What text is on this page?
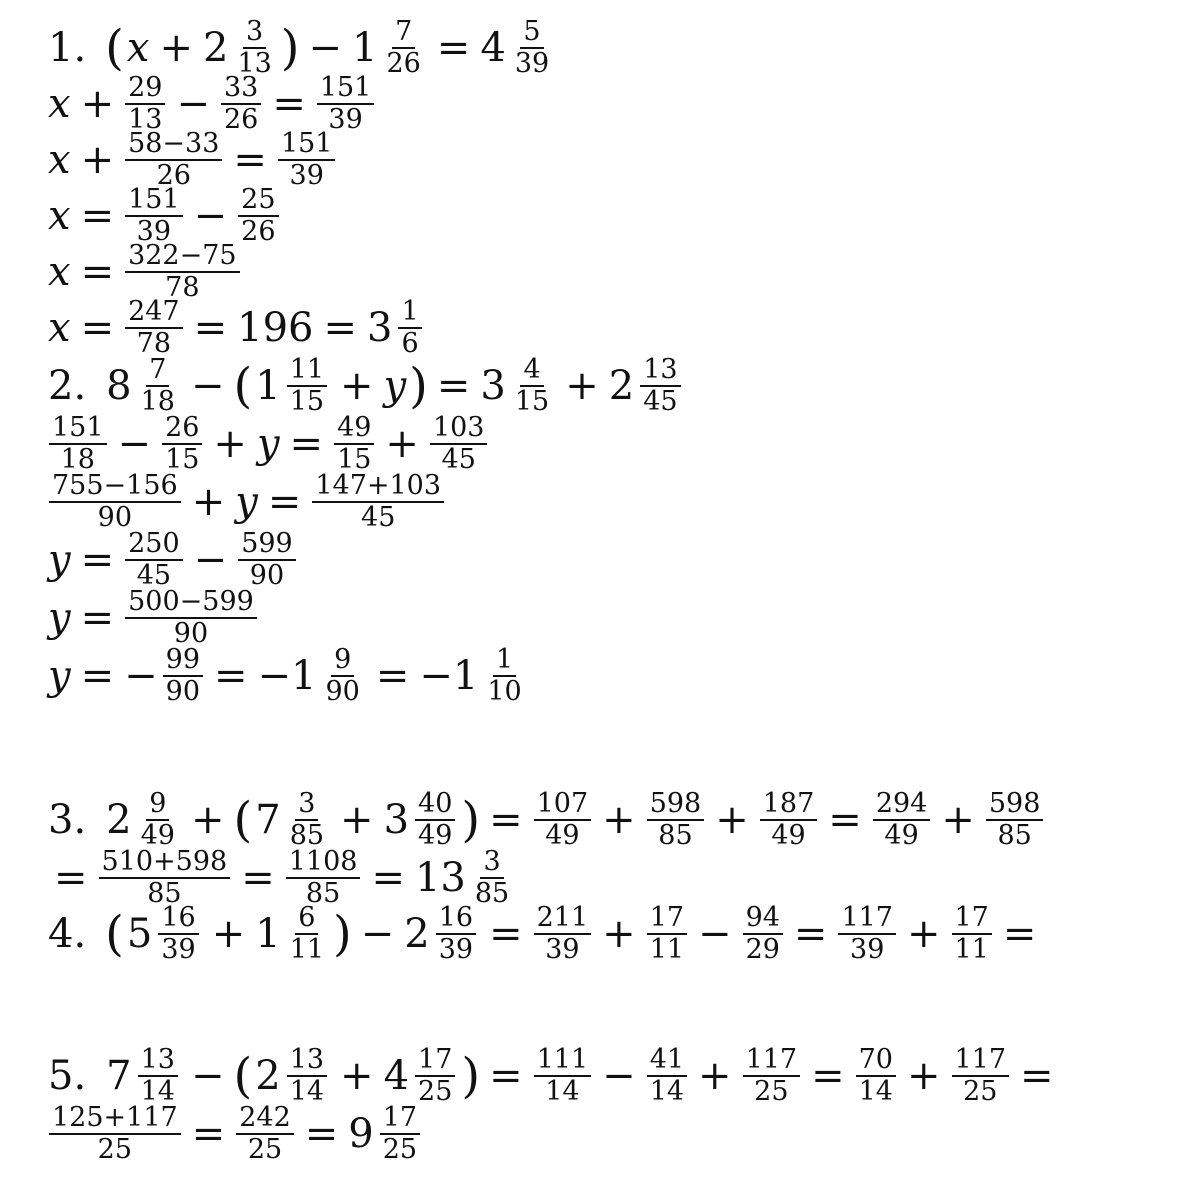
1. ( $x + 2 \frac{3}{13}$ ) − $1 \frac{7}{26} = 4 \frac{5}{39}$
$x + \frac{29}{13} - \frac{33}{26} = \frac{151}{39}$
$x + \frac{58-33}{26} = \frac{151}{39}$
$x = \frac{151}{39} - \frac{25}{26}$
$x = \frac{322-75}{78}$
$x = \frac{247}{78} = 196 = 3 \frac{1}{6}$
2. $8 \frac{7}{18}$ − ( $1 \frac{11}{15} + y$ ) = $3 \frac{4}{15} + 2 \frac{13}{45}$
$\frac{151}{18} - \frac{26}{15} + y = \frac{49}{15} + \frac{103}{45}$
$\frac{755-156}{90} + y = \frac{147+103}{45}$
$y = \frac{250}{45} - \frac{599}{90}$
$y = \frac{500-599}{90}$
y = − $\frac{99}{90} = -1 \frac{9}{90} = -1 \frac{1}{10}$
3. $2 \frac{9}{49}$ + ( $7 \frac{3}{85} + 3 \frac{40}{49}$ ) = $\frac{107}{49} + \frac{598}{85} + \frac{187}{49} = \frac{294}{49} + \frac{598}{85}$
= $\frac{510+598}{85} = \frac{1108}{85} = 13 \frac{3}{85}$
4. ( $5 \frac{16}{39} + 1 \frac{6}{11}$ ) − $2 \frac{16}{39} = \frac{211}{39} + \frac{17}{11} - \frac{94}{29} = \frac{117}{39} + \frac{17}{11}$ =
5. $7 \frac{13}{14}$ − ( $2 \frac{13}{14} + 4 \frac{17}{25}$ ) = $\frac{111}{14} - \frac{41}{14} + \frac{117}{25} = \frac{70}{14} + \frac{117}{25}$ =
$\frac{125+117}{25} = \frac{242}{25} = 9 \frac{17}{25}$
